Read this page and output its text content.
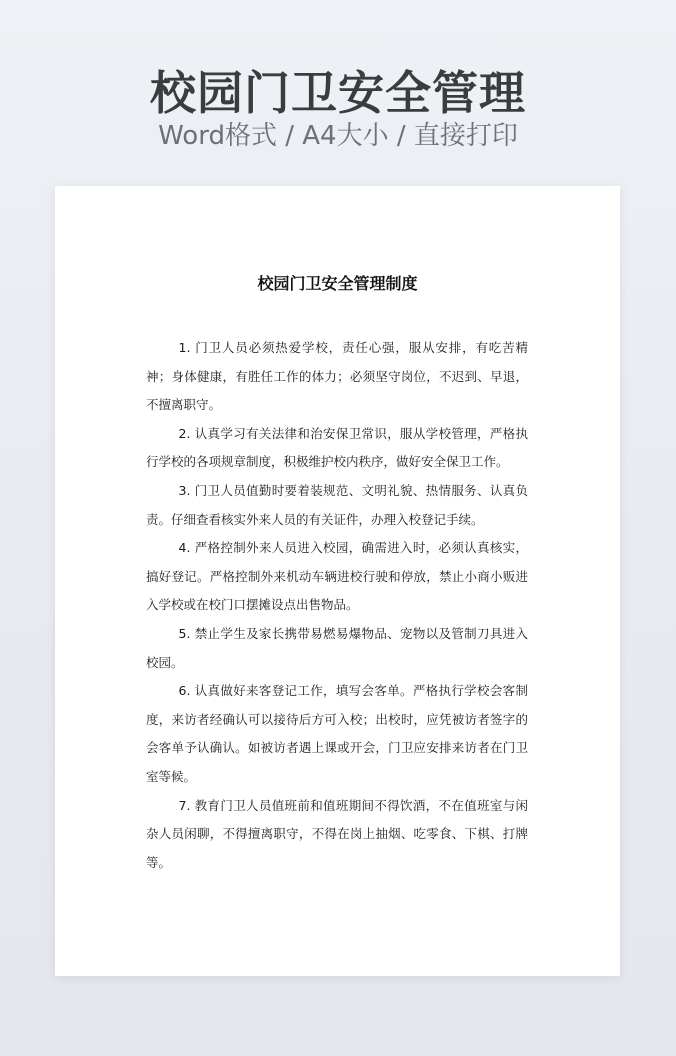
校园门卫安全管理
Word格式 / A4大小 / 直接打印
校园门卫安全管理制度

1. 门卫人员必须热爱学校，责任心强，服从安排，有吃苦精神；身体健康，有胜任工作的体力；必须坚守岗位，不迟到、早退，不擅离职守。

2. 认真学习有关法律和治安保卫常识，服从学校管理，严格执行学校的各项规章制度，积极维护校内秩序，做好安全保卫工作。

3. 门卫人员值勤时要着装规范、文明礼貌、热情服务、认真负责。仔细查看核实外来人员的有关证件，办理入校登记手续。

4. 严格控制外来人员进入校园，确需进入时，必须认真核实，搞好登记。严格控制外来机动车辆进校行驶和停放，禁止小商小贩进入学校或在校门口摆摊设点出售物品。

5. 禁止学生及家长携带易燃易爆物品、宠物以及管制刀具进入校园。

6. 认真做好来客登记工作，填写会客单。严格执行学校会客制度，来访者经确认可以接待后方可入校；出校时，应凭被访者签字的会客单予认确认。如被访者遇上课或开会，门卫应安排来访者在门卫室等候。

7. 教育门卫人员值班前和值班期间不得饮酒，不在值班室与闲杂人员闲聊，不得擅离职守，不得在岗上抽烟、吃零食、下棋、打牌等。
